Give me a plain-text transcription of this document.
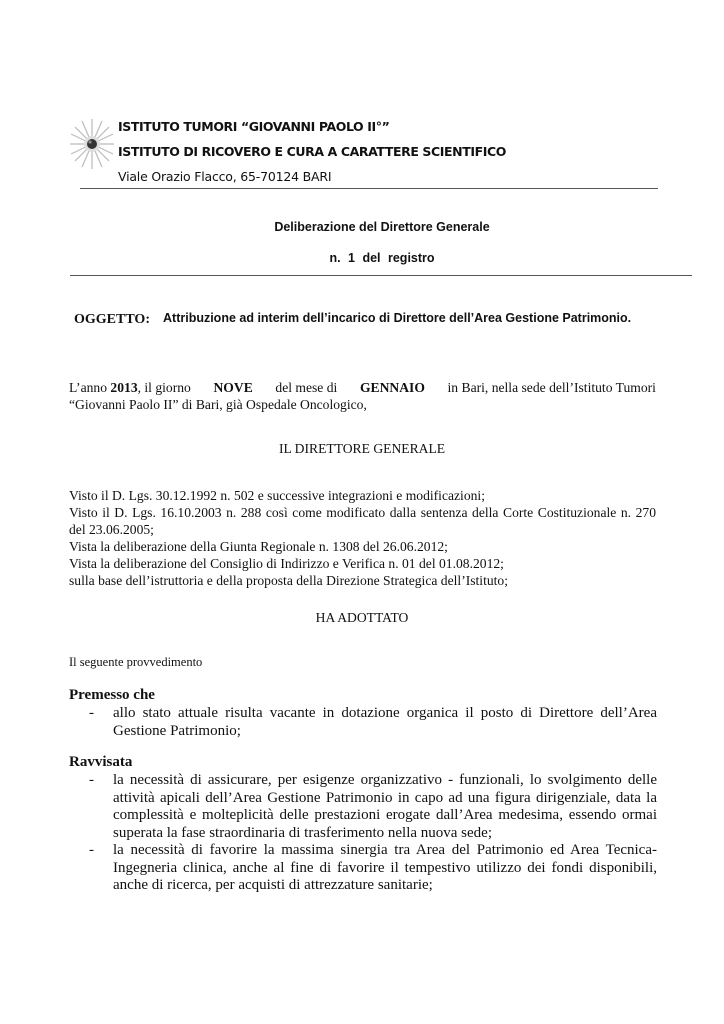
ISTITUTO TUMORI “GIOVANNI PAOLO II°”
ISTITUTO DI RICOVERO E CURA A CARATTERE SCIENTIFICO
Viale Orazio Flacco, 65-70124 BARI
Deliberazione del Direttore Generale
n. 1 del registro
OGGETTO: Attribuzione ad interim dell’incarico di Direttore dell’Area Gestione Patrimonio.
L’anno 2013, il giorno NOVE del mese di GENNAIO in Bari, nella sede dell’Istituto Tumori
“Giovanni Paolo II” di Bari, già Ospedale Oncologico,
IL DIRETTORE GENERALE

Visto il D. Lgs. 30.12.1992 n. 502 e successive integrazioni e modificazioni;

Visto il D. Lgs. 16.10.2003 n. 288 così come modificato dalla sentenza della Corte Costituzionale n. 270 del 23.06.2005;

Vista la deliberazione della Giunta Regionale n. 1308 del 26.06.2012;

Vista la deliberazione del Consiglio di Indirizzo e Verifica n. 01 del 01.08.2012;

sulla base dell’istruttoria e della proposta della Direzione Strategica dell’Istituto;

HA ADOTTATO
Il seguente provvedimento
Premesso che
- allo stato attuale risulta vacante in dotazione organica il posto di Direttore dell’Area Gestione Patrimonio;
Ravvisata
- la necessità di assicurare, per esigenze organizzativo - funzionali, lo svolgimento delle attività apicali dell’Area Gestione Patrimonio in capo ad una figura dirigenziale, data la complessità e molteplicità delle prestazioni erogate dall’Area medesima, essendo ormai superata la fase straordinaria di trasferimento nella nuova sede;
- la necessità di favorire la massima sinergia tra Area del Patrimonio ed Area Tecnica-Ingegneria clinica, anche al fine di favorire il tempestivo utilizzo dei fondi disponibili, anche di ricerca, per acquisti di attrezzature sanitarie;
